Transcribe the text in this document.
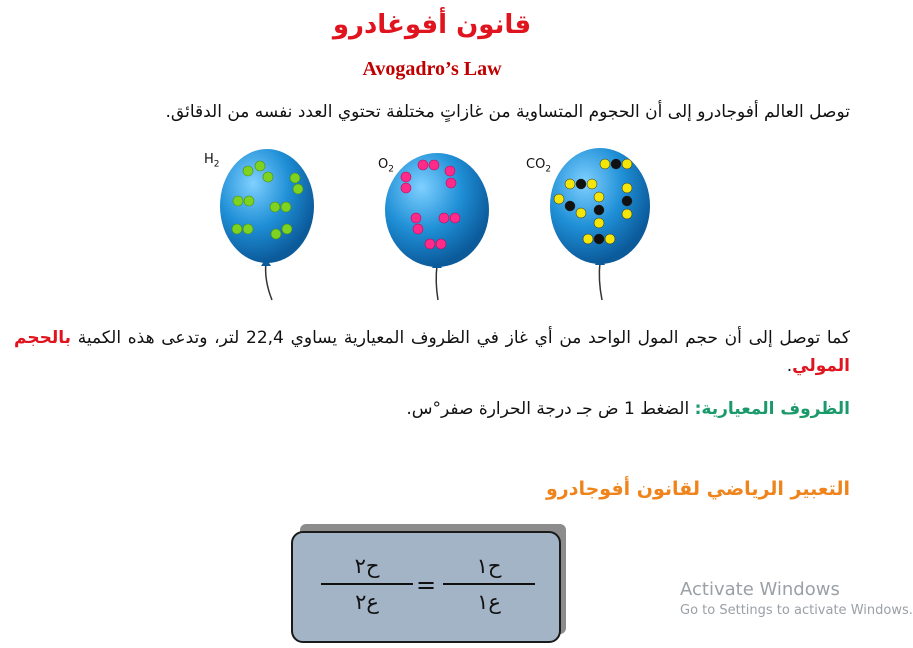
قانون أفوغادرو
Avogadro’s Law
توصل العالم أفوجادرو إلى أن الحجوم المتساوية من غازاتٍ مختلفة تحتوي العدد نفسه من الدقائق.
$H_2$	$O_2$	$CO_2$
كما توصل إلى أن حجم المول الواحد من أي غاز في الظروف المعيارية يساوي 22,4 لتر، وتدعى هذه الكمية بالحجم المولي.
الظروف المعيارية: الضغط 1 ض جـ درجة الحرارة صفر°س.
التعبير الرياضي لقانون أفوجادرو
ح٢
ع٢
=
ح١
ع١
Activate Windows
Go to Settings to activate Windows.
